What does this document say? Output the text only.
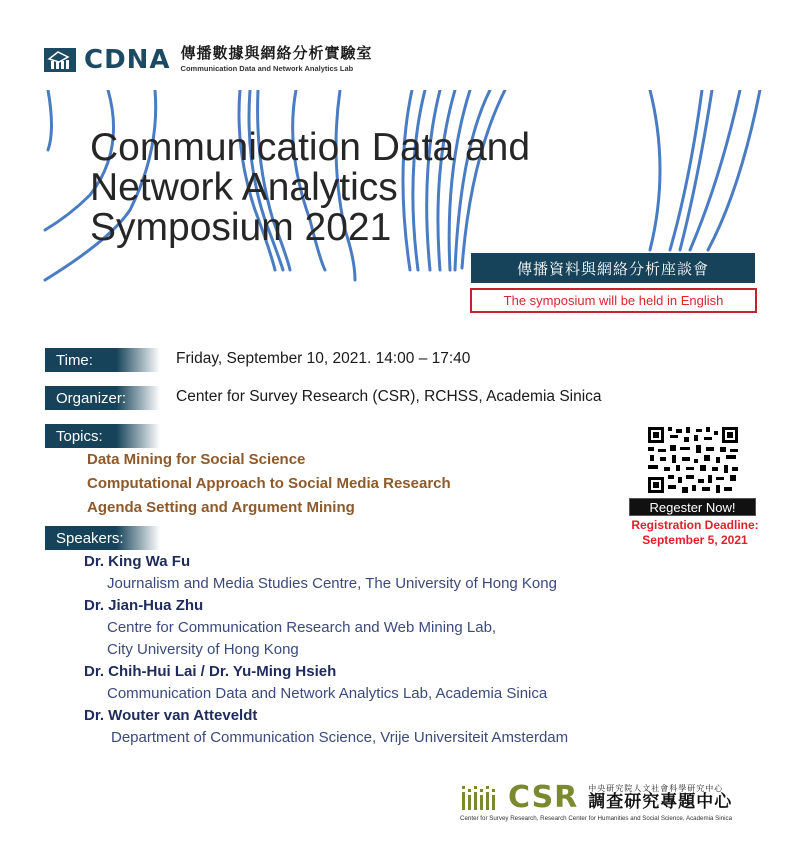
CDNA 傳播數據與網絡分析實驗室
Communication Data and Network Analytics Lab
Communication Data and
Network Analytics
Symposium 2021
傳播資料與網絡分析座談會
The symposium will be held in English
Time:	Friday, September 10, 2021. 14:00 – 17:40
Organizer:	Center for Survey Research (CSR), RCHSS, Academia Sinica
Topics:
Data Mining for Social Science
Computational Approach to Social Media Research
Agenda Setting and Argument Mining
Speakers:
Dr. King Wa Fu
Journalism and Media Studies Centre, The University of Hong Kong
Dr. Jian-Hua Zhu
Centre for Communication Research and Web Mining Lab,
City University of Hong Kong
Dr. Chih-Hui Lai / Dr. Yu-Ming Hsieh
Communication Data and Network Analytics Lab, Academia Sinica
Dr. Wouter van Atteveldt
Department of Communication Science, Vrije Universiteit Amsterdam
Regester Now!
Registration Deadline:
September 5, 2021
CSR 中央研究院人文社會科學研究中心
調查研究專題中心
Center for Survey Research, Research Center for Humanities and Social Science, Academia Sinica
